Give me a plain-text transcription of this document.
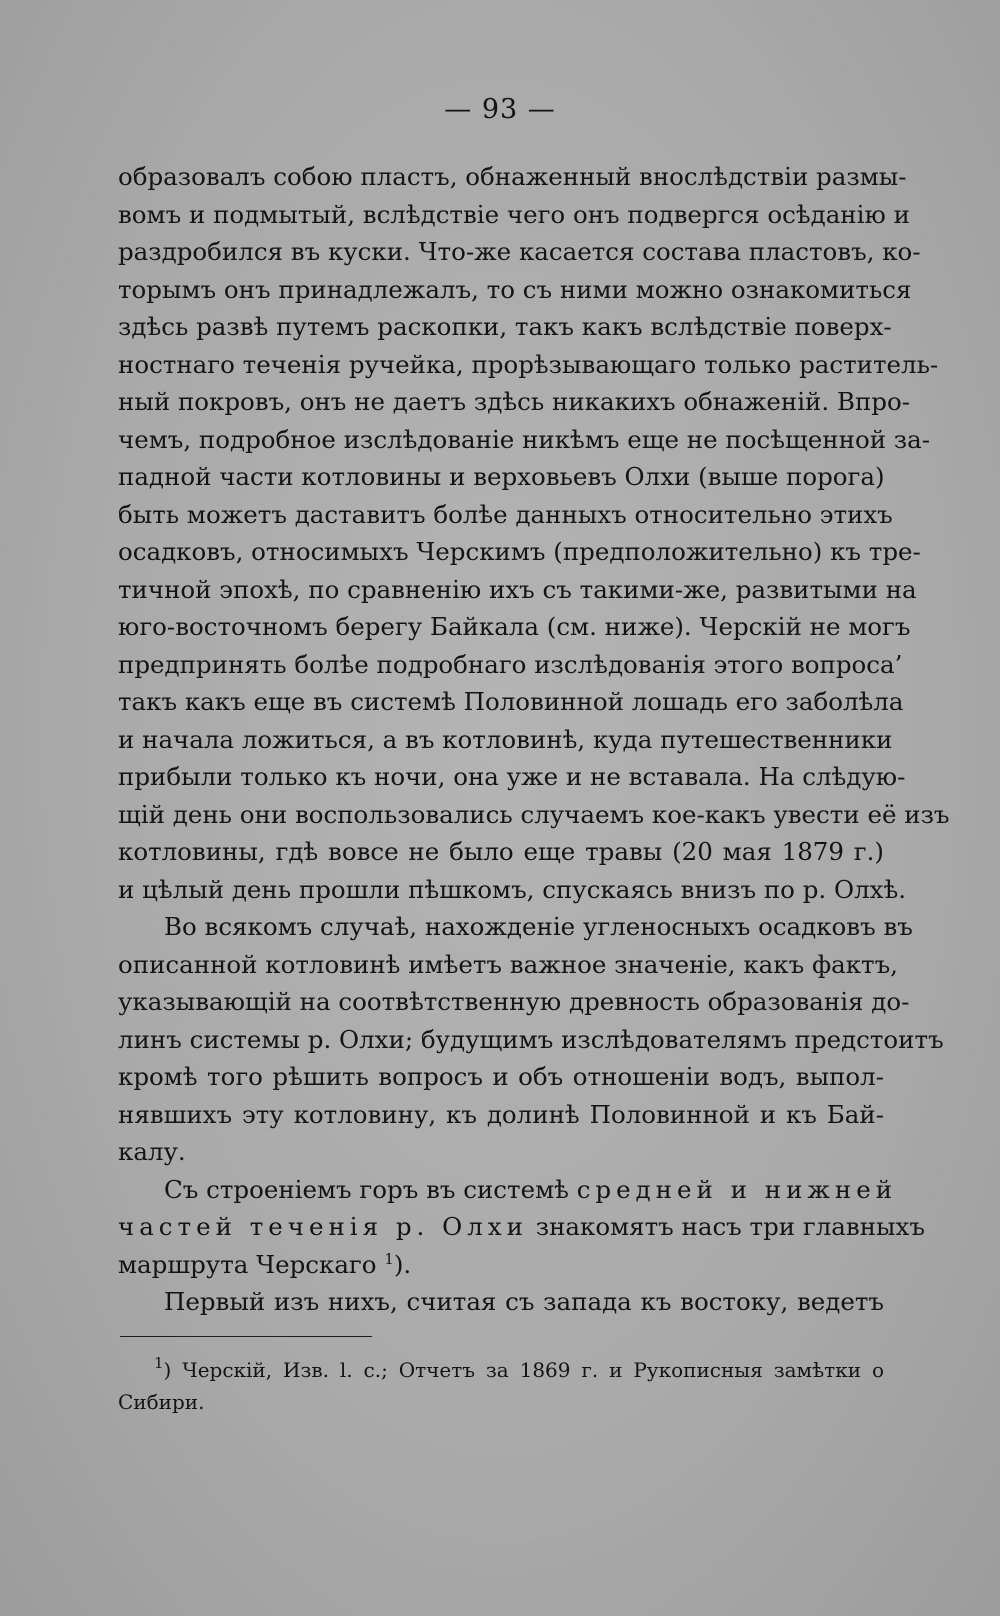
— 93 —
образовалъ собою пластъ, обнаженный вноcлѣдствіи размы-
вомъ и подмытый, вслѣдствіе чего онъ подвергся осѣданію и
раздробился въ куски. Что-же касается состава пластовъ, ко-
торымъ онъ принадлежалъ, то съ ними можно ознакомиться
здѣсь развѣ путемъ раскопки, такъ какъ вслѣдствіе поверх-
ностнаго теченія ручейка, прорѣзывающаго только раститель-
ный покровъ, онъ не даетъ здѣсь никакихъ обнаженій. Впро-
чемъ, подробное изслѣдованіе никѣмъ еще не посѣщенной за-
падной части котловины и верховьевъ Олхи (выше порога)
быть можетъ даставитъ болѣе данныхъ относительно этихъ
осадковъ, относимыхъ Черскимъ (предположительно) къ тре-
тичной эпохѣ, по сравненію ихъ съ такими-же, развитыми на
юго-восточномъ берегу Байкала (см. ниже). Черскій не могъ
предпринять болѣе подробнаго изслѣдованія этого вопроса’
такъ какъ еще въ системѣ Половинной лошадь его заболѣла
и начала ложиться, а въ котловинѣ, куда путешественники
прибыли только къ ночи, она уже и не вставала. На слѣдую-
щій день они воспользовались случаемъ кое-какъ увести её изъ
котловины, гдѣ вовсе не было еще травы (20 мая 1879 г.)
и цѣлый день прошли пѣшкомъ, спускаясь внизъ по р. Олхѣ.
Во всякомъ случаѣ, нахожденіе угленосныхъ осадковъ въ
описанной котловинѣ имѣетъ важное значеніе, какъ фактъ,
указывающій на соотвѣтственную древность образованія до-
линъ системы р. Олхи; будущимъ изслѣдователямъ предстоитъ
кромѣ того рѣшить вопросъ и объ отношеніи водъ, выпол-
нявшихъ эту котловину, къ долинѣ Половинной и къ Бай-
калу.
Съ строеніемъ горъ въ системѣ средней и нижней
частей теченія р. Олхи знакомятъ насъ три главныхъ
маршрута Черскаго $^1$).
Первый изъ нихъ, считая съ запада къ востоку, ведетъ
$^1$) Черскій, Изв. l. с.; Отчетъ за 1869 г. и Рукописныя замѣтки о
Сибири.
